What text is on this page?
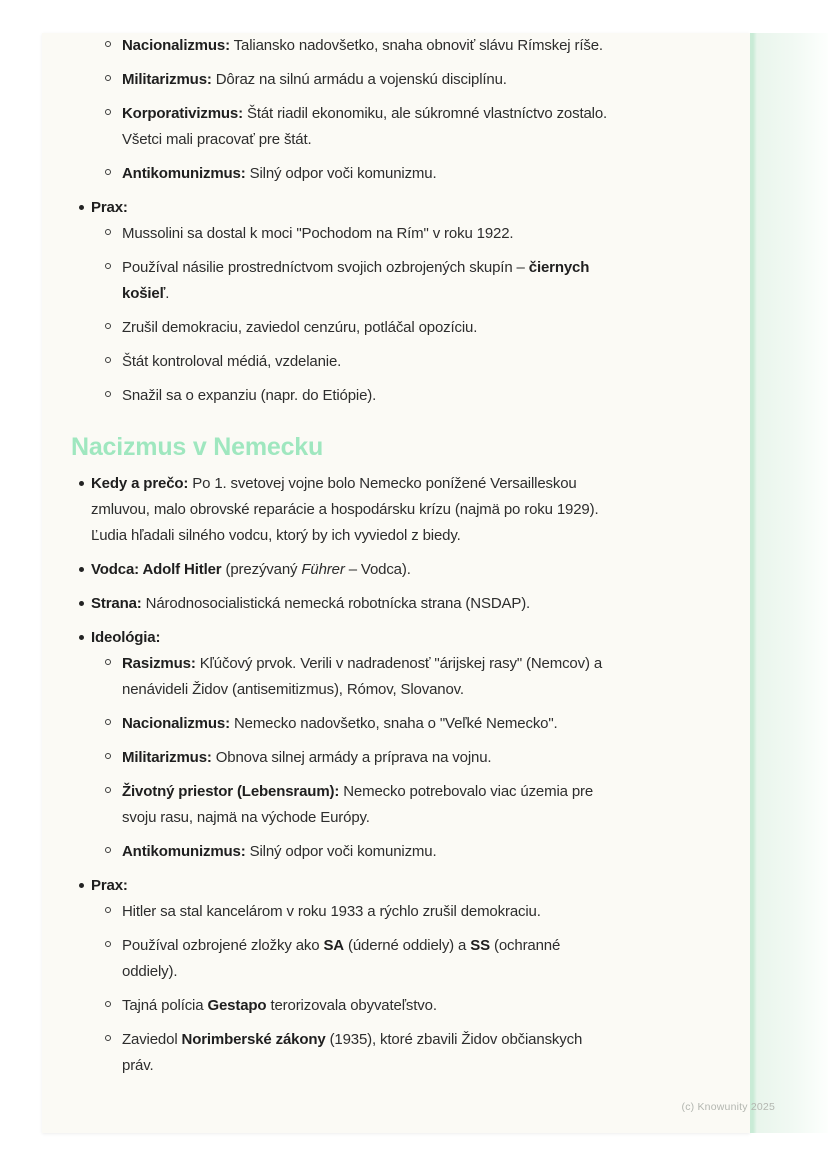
Nacionalizmus: Taliansko nadovšetko, snaha obnoviť slávu Rímskej ríše.
Militarizmus: Dôraz na silnú armádu a vojenskú disciplínu.
Korporativizmus: Štát riadil ekonomiku, ale súkromné vlastníctvo zostalo.
Všetci mali pracovať pre štát.
Antikomunizmus: Silný odpor voči komunizmu.
Prax:
Mussolini sa dostal k moci "Pochodom na Rím" v roku 1922.
Používal násilie prostredníctvom svojich ozbrojených skupín – čiernych
košieľ.
Zrušil demokraciu, zaviedol cenzúru, potláčal opozíciu.
Štát kontroloval médiá, vzdelanie.
Snažil sa o expanziu (napr. do Etiópie).
Nacizmus v Nemecku
Kedy a prečo: Po 1. svetovej vojne bolo Nemecko ponížené Versailleskou
zmluvou, malo obrovské reparácie a hospodársku krízu (najmä po roku 1929).
Ľudia hľadali silného vodcu, ktorý by ich vyviedol z biedy.
Vodca: Adolf Hitler (prezývaný Führer – Vodca).
Strana: Národnosocialistická nemecká robotnícka strana (NSDAP).
Ideológia:
Rasizmus: Kľúčový prvok. Verili v nadradenosť "árijskej rasy" (Nemcov) a
nenávideli Židov (antisemitizmus), Rómov, Slovanov.
Nacionalizmus: Nemecko nadovšetko, snaha o "Veľké Nemecko".
Militarizmus: Obnova silnej armády a príprava na vojnu.
Životný priestor (Lebensraum): Nemecko potrebovalo viac územia pre
svoju rasu, najmä na východe Európy.
Antikomunizmus: Silný odpor voči komunizmu.
Prax:
Hitler sa stal kancelárom v roku 1933 a rýchlo zrušil demokraciu.
Používal ozbrojené zložky ako SA (úderné oddiely) a SS (ochranné
oddiely).
Tajná polícia Gestapo terorizovala obyvateľstvo.
Zaviedol Norimberské zákony (1935), ktoré zbavili Židov občianskych
práv.
(c) Knowunity 2025
